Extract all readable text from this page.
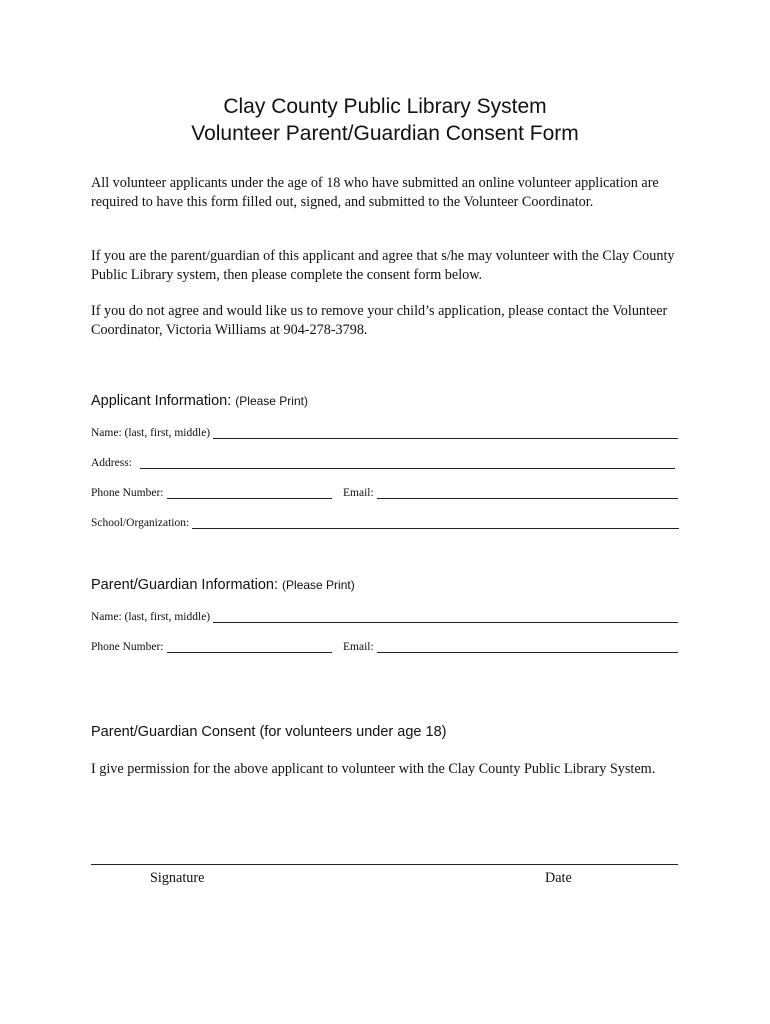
Clay County Public Library System
Volunteer Parent/Guardian Consent Form

All volunteer applicants under the age of 18 who have submitted an online volunteer application are required to have this form filled out, signed, and submitted to the Volunteer Coordinator.

If you are the parent/guardian of this applicant and agree that s/he may volunteer with the Clay County Public Library system, then please complete the consent form below.

If you do not agree and would like us to remove your child’s application, please contact the Volunteer Coordinator, Victoria Williams at 904-278-3798.

Applicant Information: (Please Print)
Name: (last, first, middle)
Address:
Phone Number:	Email:
School/Organization:
Parent/Guardian Information: (Please Print)
Name: (last, first, middle)
Phone Number:	Email:
Parent/Guardian Consent (for volunteers under age 18)

I give permission for the above applicant to volunteer with the Clay County Public Library System.

Signature	Date
